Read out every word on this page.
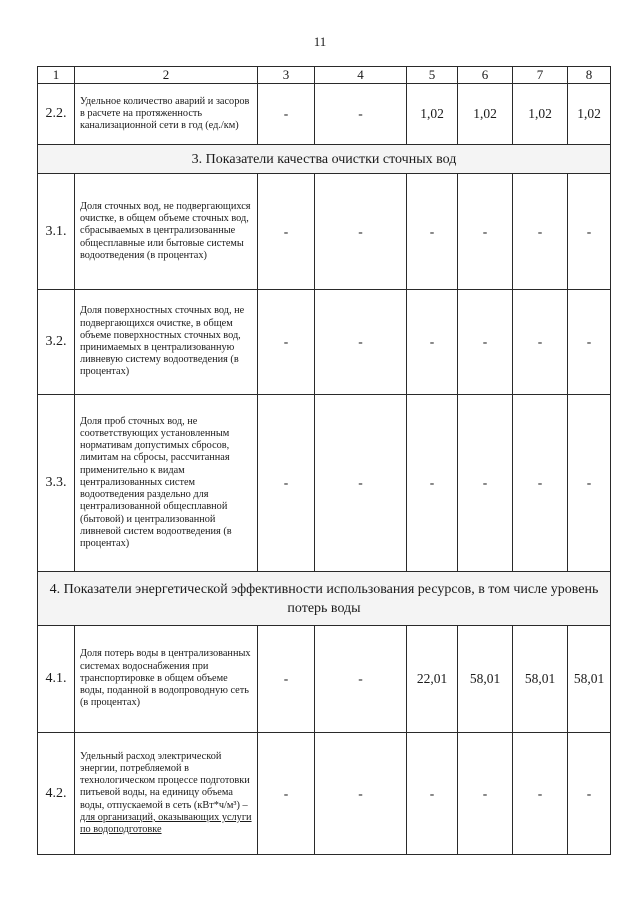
11
1	2	3	4	5	6	7	8
2.2.	Удельное количество аварий и засоров в расчете на протяженность канализационной сети в год (ед./км)	-	-	1,02	1,02	1,02	1,02
3. Показатели качества очистки сточных вод							
3.1.	Доля сточных вод, не подвергающихся очистке, в общем объеме сточных вод, сбрасываемых в централизованные общесплавные или бытовые системы водоотведения (в процентах)	-	-	-	-	-	-
3.2.	Доля поверхностных сточных вод, не подвергающихся очистке, в общем объеме поверхностных сточных вод, принимаемых в централизованную ливневую систему водоотведения (в процентах)	-	-	-	-	-	-
3.3.	Доля проб сточных вод, не соответствующих установленным нормативам допустимых сбросов, лимитам на сбросы, рассчитанная применительно к видам централизованных систем водоотведения раздельно для централизованной общесплавной (бытовой) и централизованной ливневой систем водоотведения (в процентах)	-	-	-	-	-	-
4. Показатели энергетической эффективности использования ресурсов, в том числе уровень потерь воды							
4.1.	Доля потерь воды в централизованных системах водоснабжения при транспортировке в общем объеме воды, поданной в водопроводную сеть (в процентах)	-	-	22,01	58,01	58,01	58,01
4.2.	Удельный расход электрической энергии, потребляемой в технологическом процессе подготовки питьевой воды, на единицу объема воды, отпускаемой в сеть (кВт*ч/м³) – для организаций, оказывающих услуги по водоподготовке	-	-	-	-	-	-
